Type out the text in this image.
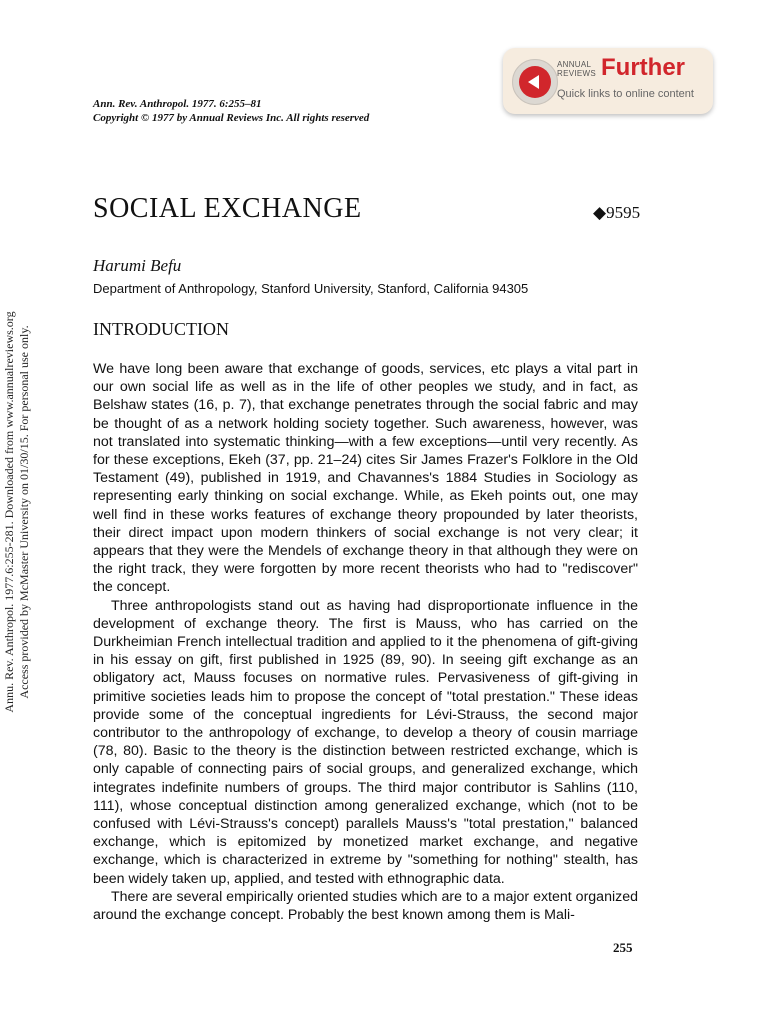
Annu. Rev. Anthropol. 1977.6:255-281. Downloaded from www.annualreviews.org Access provided by McMaster University on 01/30/15. For personal use only.
ANNUAL
REVIEWS Further
Quick links to online content
Ann. Rev. Anthropol. 1977. 6:255–81
Copyright © 1977 by Annual Reviews Inc. All rights reserved
SOCIAL EXCHANGE	◆9595
Harumi Befu
Department of Anthropology, Stanford University, Stanford, California 94305
INTRODUCTION

We have long been aware that exchange of goods, services, etc plays a vital part in our own social life as well as in the life of other peoples we study, and in fact, as Belshaw states (16, p. 7), that exchange penetrates through the social fabric and may be thought of as a network holding society together. Such awareness, however, was not translated into systematic thinking—with a few exceptions—until very recently. As for these exceptions, Ekeh (37, pp. 21–24) cites Sir James Frazer's Folklore in the Old Testament (49), published in 1919, and Chavannes's 1884 Studies in Sociology as representing early thinking on social exchange. While, as Ekeh points out, one may well find in these works features of exchange theory propounded by later theorists, their direct impact upon modern thinkers of social exchange is not very clear; it appears that they were the Mendels of exchange theory in that although they were on the right track, they were forgotten by more recent theorists who had to "rediscover" the concept.

Three anthropologists stand out as having had disproportionate influence in the development of exchange theory. The first is Mauss, who has carried on the Durkheimian French intellectual tradition and applied to it the phenomena of gift-giving in his essay on gift, first published in 1925 (89, 90). In seeing gift exchange as an obligatory act, Mauss focuses on normative rules. Pervasiveness of gift-giving in primitive societies leads him to propose the concept of "total prestation." These ideas provide some of the conceptual ingredients for Lévi-Strauss, the second major contributor to the anthropology of exchange, to develop a theory of cousin marriage (78, 80). Basic to the theory is the distinction between restricted exchange, which is only capable of connecting pairs of social groups, and generalized exchange, which integrates indefinite numbers of groups. The third major contributor is Sahlins (110, 111), whose conceptual distinction among generalized exchange, which (not to be confused with Lévi-Strauss's concept) parallels Mauss's "total prestation," balanced exchange, which is epitomized by monetized market exchange, and negative exchange, which is characterized in extreme by "something for nothing" stealth, has been widely taken up, applied, and tested with ethnographic data.

There are several empirically oriented studies which are to a major extent organized around the exchange concept. Probably the best known among them is Mali-

255
